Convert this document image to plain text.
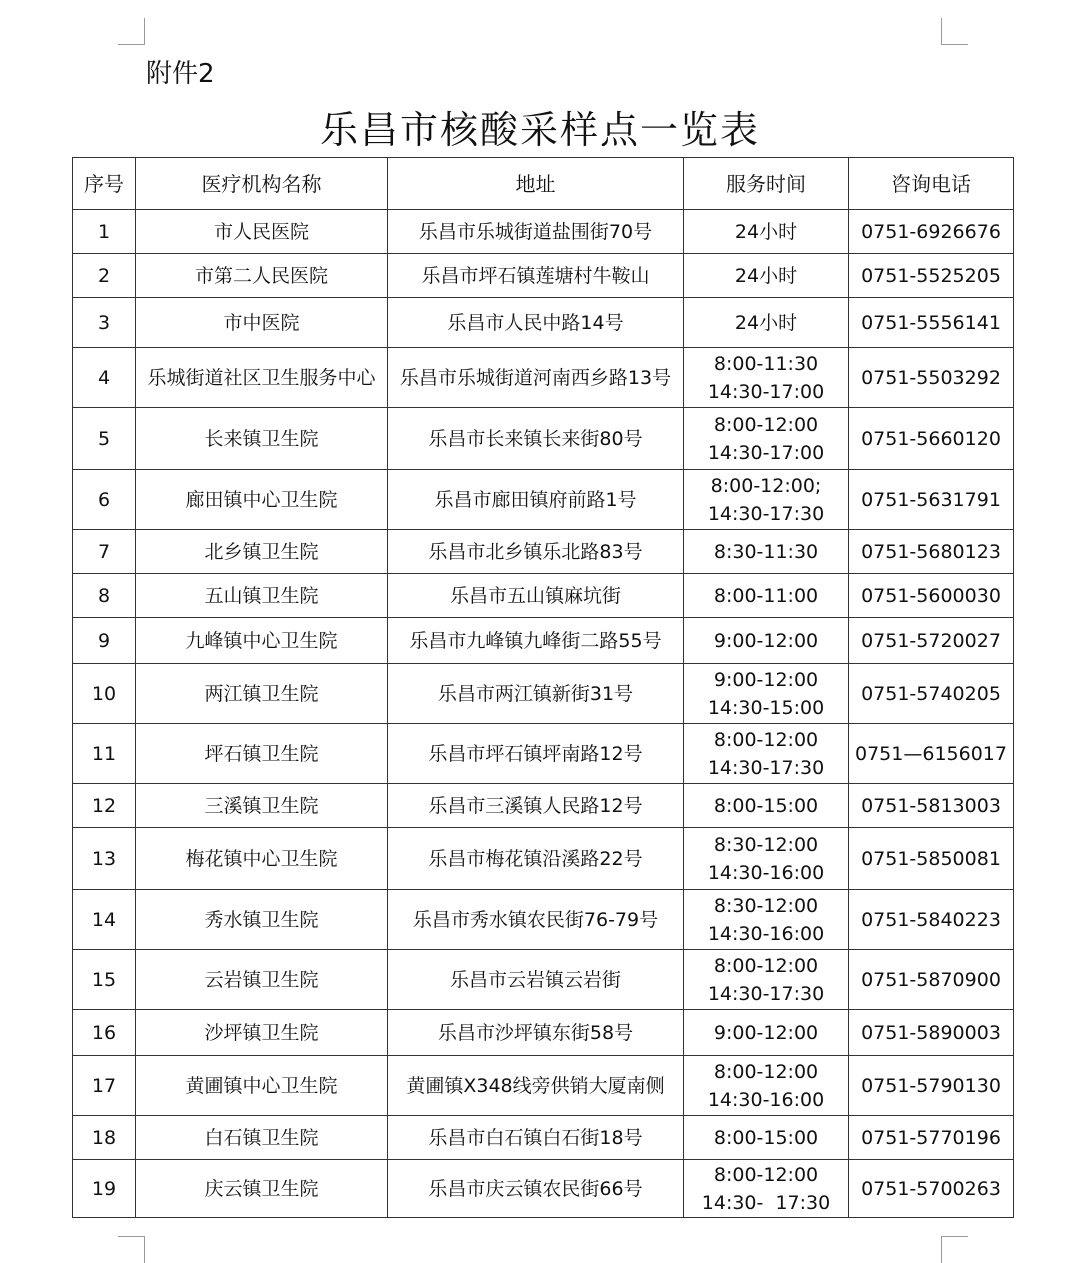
附件2
乐昌市核酸采样点一览表
序号	医疗机构名称	地址	服务时间	咨询电话
1	市人民医院	乐昌市乐城街道盐围街70号	24小时	0751-6926676
2	市第二人民医院	乐昌市坪石镇莲塘村牛鞍山	24小时	0751-5525205
3	市中医院	乐昌市人民中路14号	24小时	0751-5556141
4	乐城街道社区卫生服务中心	乐昌市乐城街道河南西乡路13号	8:00-11:30
14:30-17:00	0751-5503292
5	长来镇卫生院	乐昌市长来镇长来街80号	8:00-12:00
14:30-17:00	0751-5660120
6	廊田镇中心卫生院	乐昌市廊田镇府前路1号	8:00-12:00;
14:30-17:30	0751-5631791
7	北乡镇卫生院	乐昌市北乡镇乐北路83号	8:30-11:30	0751-5680123
8	五山镇卫生院	乐昌市五山镇麻坑街	8:00-11:00	0751-5600030
9	九峰镇中心卫生院	乐昌市九峰镇九峰街二路55号	9:00-12:00	0751-5720027
10	两江镇卫生院	乐昌市两江镇新街31号	9:00-12:00
14:30-15:00	0751-5740205
11	坪石镇卫生院	乐昌市坪石镇坪南路12号	8:00-12:00
14:30-17:30	0751—6156017
12	三溪镇卫生院	乐昌市三溪镇人民路12号	8:00-15:00	0751-5813003
13	梅花镇中心卫生院	乐昌市梅花镇沿溪路22号	8:30-12:00
14:30-16:00	0751-5850081
14	秀水镇卫生院	乐昌市秀水镇农民街76-79号	8:30-12:00
14:30-16:00	0751-5840223
15	云岩镇卫生院	乐昌市云岩镇云岩街	8:00-12:00
14:30-17:30	0751-5870900
16	沙坪镇卫生院	乐昌市沙坪镇东街58号	9:00-12:00	0751-5890003
17	黄圃镇中心卫生院	黄圃镇X348线旁供销大厦南侧	8:00-12:00
14:30-16:00	0751-5790130
18	白石镇卫生院	乐昌市白石镇白石街18号	8:00-15:00	0751-5770196
19	庆云镇卫生院	乐昌市庆云镇农民街66号	8:00-12:00
14:30-  17:30	0751-5700263
